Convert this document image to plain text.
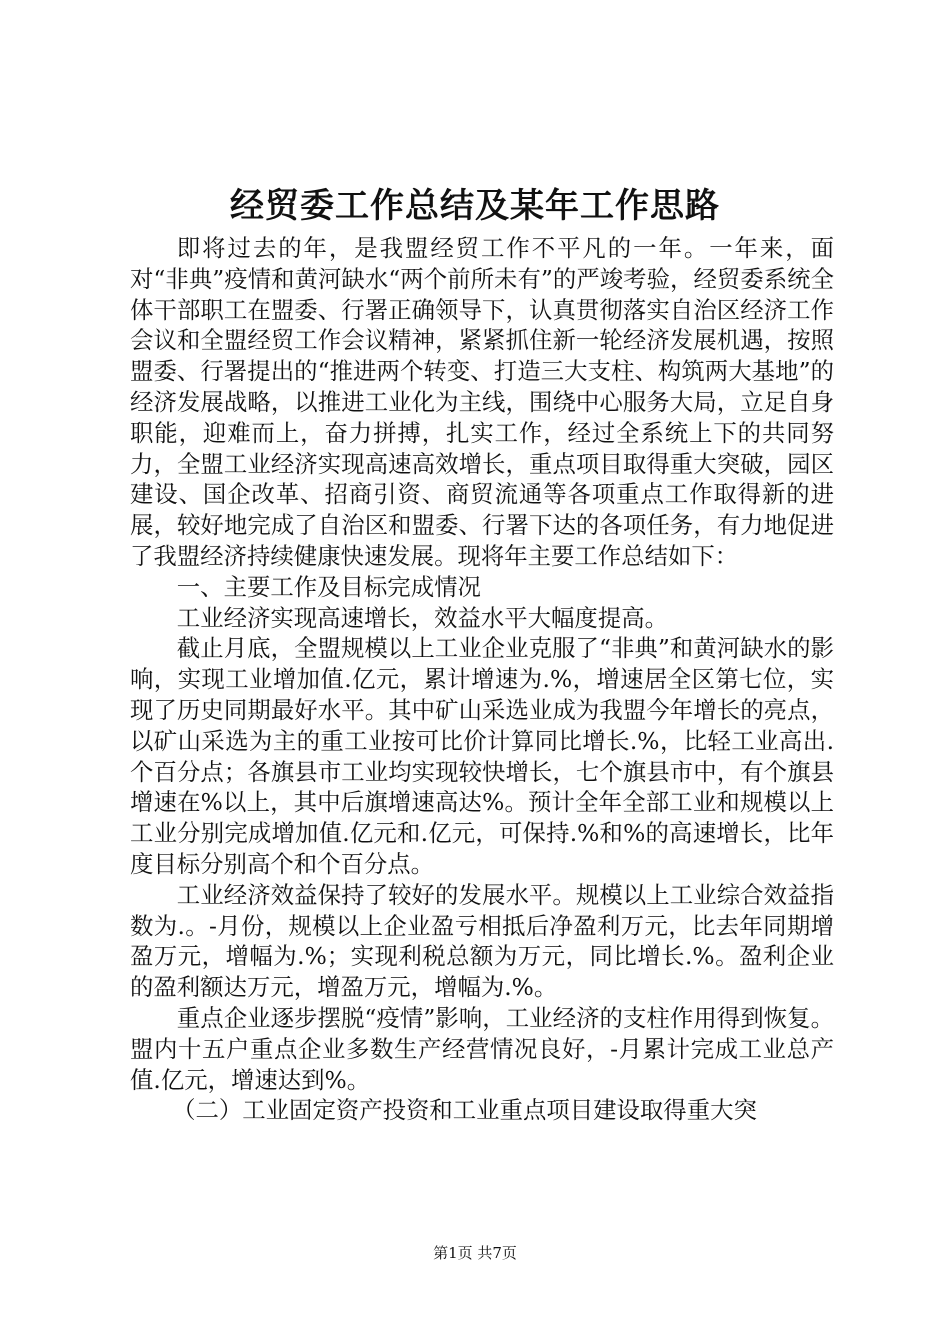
经贸委工作总结及某年工作思路

即将过去的年，是我盟经贸工作不平凡的一年。一年来，面对“非典”疫情和黄河缺水“两个前所未有”的严竣考验，经贸委系统全体干部职工在盟委、行署正确领导下，认真贯彻落实自治区经济工作会议和全盟经贸工作会议精神，紧紧抓住新一轮经济发展机遇，按照盟委、行署提出的“推进两个转变、打造三大支柱、构筑两大基地”的经济发展战略，以推进工业化为主线，围绕中心服务大局，立足自身职能，迎难而上，奋力拼搏，扎实工作，经过全系统上下的共同努力，全盟工业经济实现高速高效增长，重点项目取得重大突破，园区建设、国企改革、招商引资、商贸流通等各项重点工作取得新的进展，较好地完成了自治区和盟委、行署下达的各项任务，有力地促进了我盟经济持续健康快速发展。现将年主要工作总结如下：

一、主要工作及目标完成情况

工业经济实现高速增长，效益水平大幅度提高。

截止月底，全盟规模以上工业企业克服了“非典”和黄河缺水的影响，实现工业增加值.亿元，累计增速为.%，增速居全区第七位，实现了历史同期最好水平。其中矿山采选业成为我盟今年增长的亮点，以矿山采选为主的重工业按可比价计算同比增长.%，比轻工业高出.个百分点；各旗县市工业均实现较快增长，七个旗县市中，有个旗县增速在%以上，其中后旗增速高达%。预计全年全部工业和规模以上工业分别完成增加值.亿元和.亿元，可保持.%和%的高速增长，比年度目标分别高个和个百分点。

工业经济效益保持了较好的发展水平。规模以上工业综合效益指数为.。-月份，规模以上企业盈亏相抵后净盈利万元，比去年同期增盈万元，增幅为.%；实现利税总额为万元，同比增长.%。盈利企业的盈利额达万元，增盈万元，增幅为.%。

重点企业逐步摆脱“疫情”影响，工业经济的支柱作用得到恢复。盟内十五户重点企业多数生产经营情况良好，-月累计完成工业总产值.亿元，增速达到%。

（二）工业固定资产投资和工业重点项目建设取得重大突

第1页 共7页
